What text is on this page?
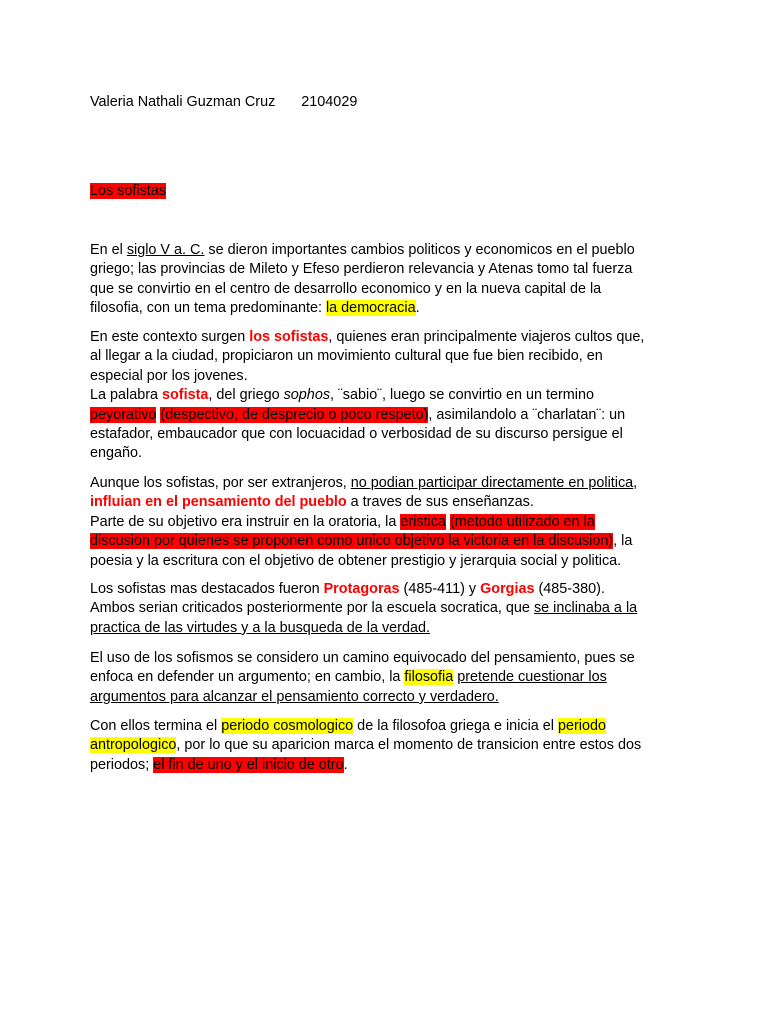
Valeria Nathali Guzman Cruz 2104029
Los sofistas
En el siglo V a. C. se dieron importantes cambios politicos y economicos en el pueblo
griego; las provincias de Mileto y Efeso perdieron relevancia y Atenas tomo tal fuerza
que se convirtio en el centro de desarrollo economico y en la nueva capital de la
filosofia, con un tema predominante: la democracia.
En este contexto surgen los sofistas, quienes eran principalmente viajeros cultos que,
al llegar a la ciudad, propiciaron un movimiento cultural que fue bien recibido, en
especial por los jovenes.
La palabra sofista, del griego sophos, ¨sabio¨, luego se convirtio en un termino
peyorativo (despectivo, de desprecio o poco respeto), asimilandolo a ¨charlatan¨: un
estafador, embaucador que con locuacidad o verbosidad de su discurso persigue el
engaño.
Aunque los sofistas, por ser extranjeros, no podian participar directamente en politica,
influian en el pensamiento del pueblo a traves de sus enseñanzas.
Parte de su objetivo era instruir en la oratoria, la eristica (metodo utilizado en la
discusion por quienes se proponen como unico objetivo la victoria en la discusion), la
poesia y la escritura con el objetivo de obtener prestigio y jerarquia social y politica.
Los sofistas mas destacados fueron Protagoras (485-411) y Gorgias (485-380).
Ambos serian criticados posteriormente por la escuela socratica, que se inclinaba a la
practica de las virtudes y a la busqueda de la verdad.
El uso de los sofismos se considero un camino equivocado del pensamiento, pues se
enfoca en defender un argumento; en cambio, la filosofia pretende cuestionar los
argumentos para alcanzar el pensamiento correcto y verdadero.
Con ellos termina el periodo cosmologico de la filosofoa griega e inicia el periodo
antropologico, por lo que su aparicion marca el momento de transicion entre estos dos
periodos; el fin de uno y el inicio de otro.
